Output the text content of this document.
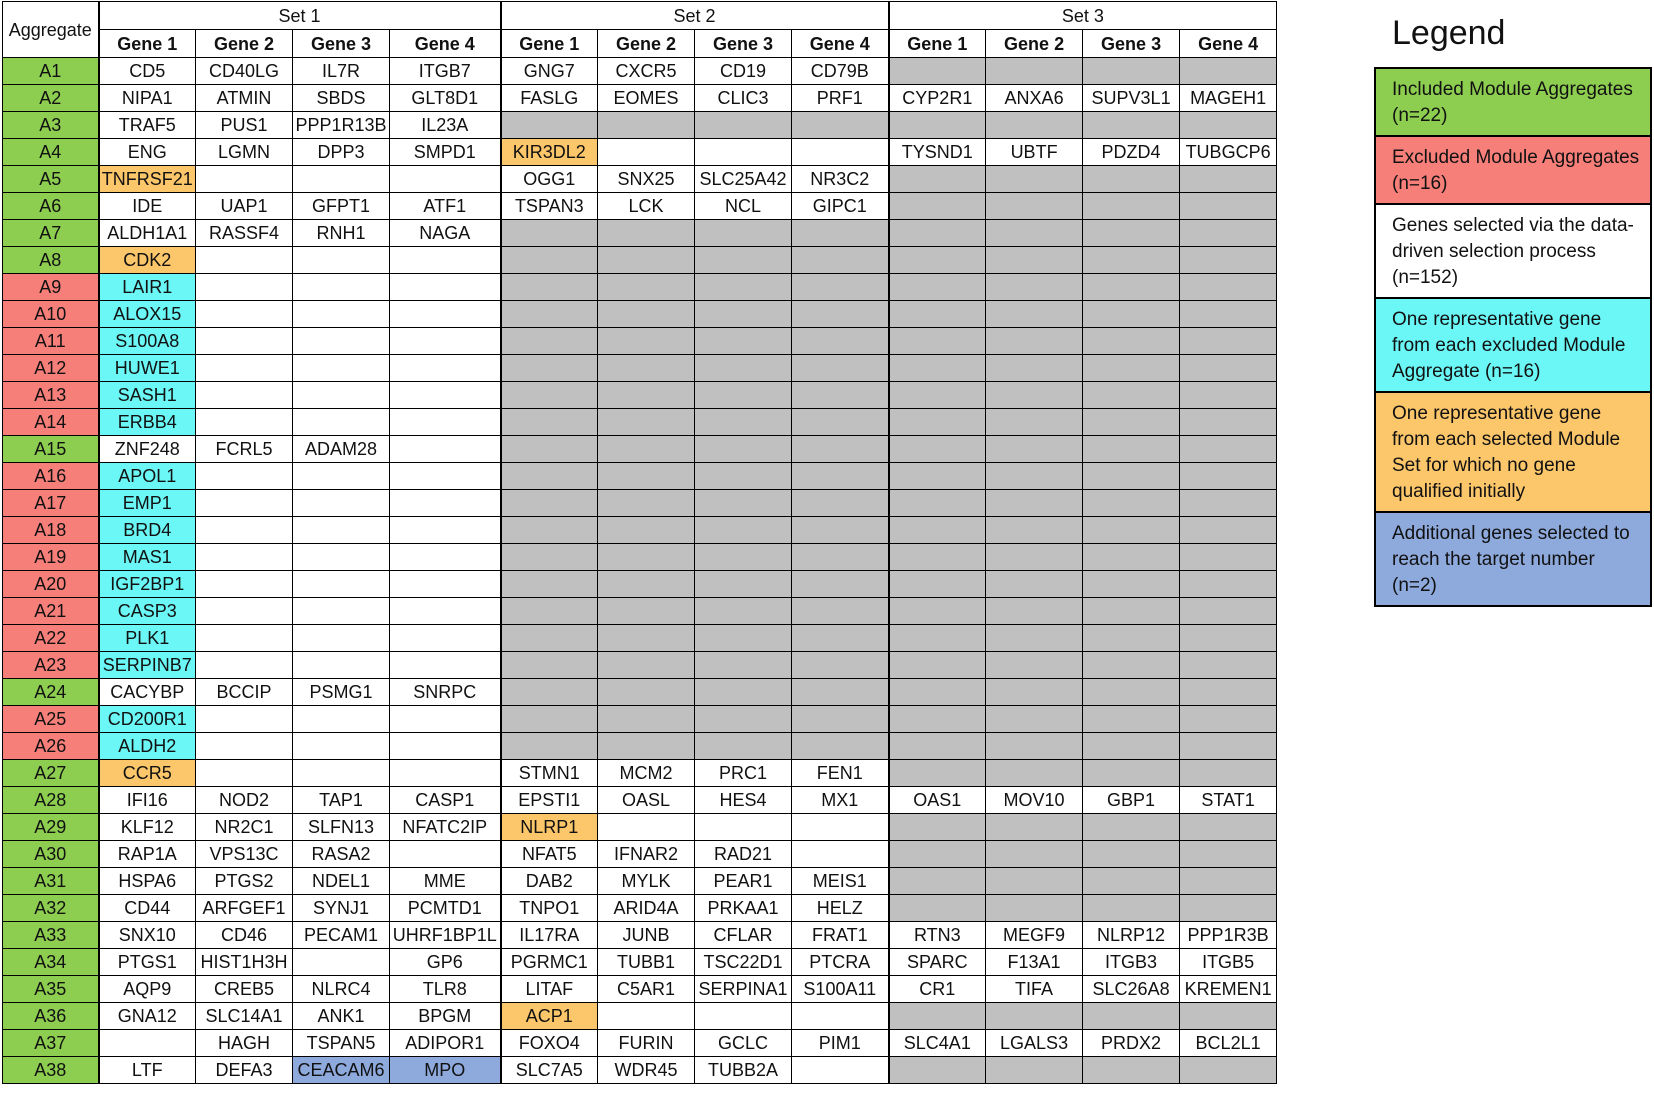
Aggregate	Set 1				Set 2				Set 3			
	Gene 1	Gene 2	Gene 3	Gene 4	Gene 1	Gene 2	Gene 3	Gene 4	Gene 1	Gene 2	Gene 3	Gene 4
A1	CD5	CD40LG	IL7R	ITGB7	GNG7	CXCR5	CD19	CD79B				
A2	NIPA1	ATMIN	SBDS	GLT8D1	FASLG	EOMES	CLIC3	PRF1	CYP2R1	ANXA6	SUPV3L1	MAGEH1
A3	TRAF5	PUS1	PPP1R13B	IL23A								
A4	ENG	LGMN	DPP3	SMPD1	KIR3DL2				TYSND1	UBTF	PDZD4	TUBGCP6
A5	TNFRSF21				OGG1	SNX25	SLC25A42	NR3C2				
A6	IDE	UAP1	GFPT1	ATF1	TSPAN3	LCK	NCL	GIPC1				
A7	ALDH1A1	RASSF4	RNH1	NAGA								
A8	CDK2											
A9	LAIR1											
A10	ALOX15											
A11	S100A8											
A12	HUWE1											
A13	SASH1											
A14	ERBB4											
A15	ZNF248	FCRL5	ADAM28									
A16	APOL1											
A17	EMP1											
A18	BRD4											
A19	MAS1											
A20	IGF2BP1											
A21	CASP3											
A22	PLK1											
A23	SERPINB7											
A24	CACYBP	BCCIP	PSMG1	SNRPC								
A25	CD200R1											
A26	ALDH2											
A27	CCR5				STMN1	MCM2	PRC1	FEN1				
A28	IFI16	NOD2	TAP1	CASP1	EPSTI1	OASL	HES4	MX1	OAS1	MOV10	GBP1	STAT1
A29	KLF12	NR2C1	SLFN13	NFATC2IP	NLRP1							
A30	RAP1A	VPS13C	RASA2		NFAT5	IFNAR2	RAD21					
A31	HSPA6	PTGS2	NDEL1	MME	DAB2	MYLK	PEAR1	MEIS1				
A32	CD44	ARFGEF1	SYNJ1	PCMTD1	TNPO1	ARID4A	PRKAA1	HELZ				
A33	SNX10	CD46	PECAM1	UHRF1BP1L	IL17RA	JUNB	CFLAR	FRAT1	RTN3	MEGF9	NLRP12	PPP1R3B
A34	PTGS1	HIST1H3H		GP6	PGRMC1	TUBB1	TSC22D1	PTCRA	SPARC	F13A1	ITGB3	ITGB5
A35	AQP9	CREB5	NLRC4	TLR8	LITAF	C5AR1	SERPINA1	S100A11	CR1	TIFA	SLC26A8	KREMEN1
A36	GNA12	SLC14A1	ANK1	BPGM	ACP1							
A37		HAGH	TSPAN5	ADIPOR1	FOXO4	FURIN	GCLC	PIM1	SLC4A1	LGALS3	PRDX2	BCL2L1
A38	LTF	DEFA3	CEACAM6	MPO	SLC7A5	WDR45	TUBB2A					
Legend
Included Module Aggregates (n=22)
Excluded Module Aggregates (n=16)
Genes selected via the data-driven selection process (n=152)
One representative gene from each excluded Module Aggregate (n=16)
One representative gene from each selected Module Set for which no gene qualified initially
Additional genes selected to reach the target number (n=2)
